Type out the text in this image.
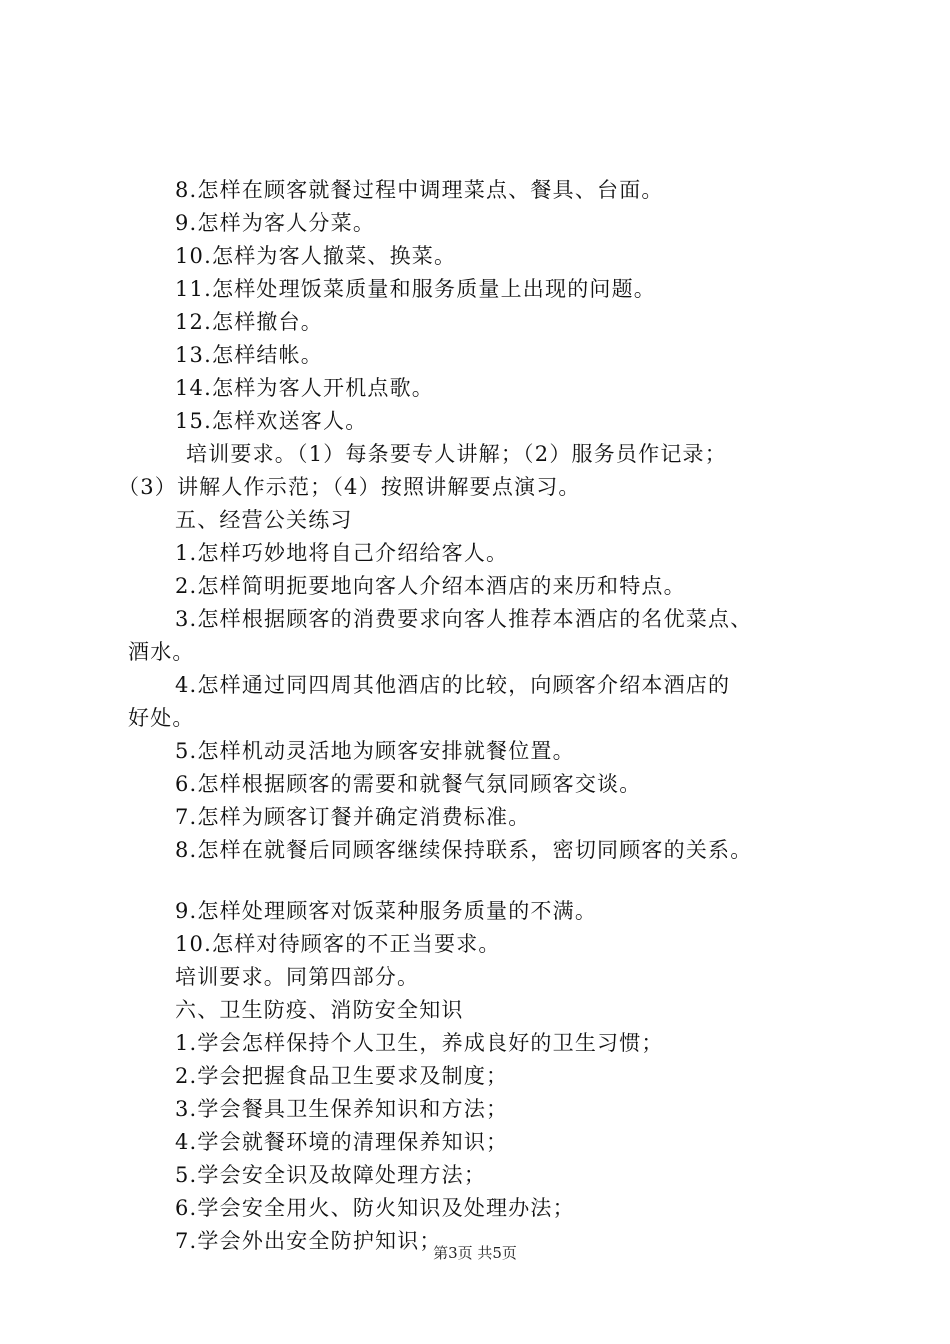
8.怎样在顾客就餐过程中调理菜点、餐具、台面。
9.怎样为客人分菜。
10.怎样为客人撤菜、换菜。
11.怎样处理饭菜质量和服务质量上出现的问题。
12.怎样撤台。
13.怎样结帐。
14.怎样为客人开机点歌。
15.怎样欢送客人。
培训要求。（1）每条要专人讲解；（2）服务员作记录；
（3）讲解人作示范；（4）按照讲解要点演习。
五、经营公关练习
1.怎样巧妙地将自己介绍给客人。
2.怎样简明扼要地向客人介绍本酒店的来历和特点。
3.怎样根据顾客的消费要求向客人推荐本酒店的名优菜点、
酒水。
4.怎样通过同四周其他酒店的比较，向顾客介绍本酒店的
好处。
5.怎样机动灵活地为顾客安排就餐位置。
6.怎样根据顾客的需要和就餐气氛同顾客交谈。
7.怎样为顾客订餐并确定消费标准。
8.怎样在就餐后同顾客继续保持联系，密切同顾客的关系。
9.怎样处理顾客对饭菜种服务质量的不满。
10.怎样对待顾客的不正当要求。
培训要求。同第四部分。
六、卫生防疫、消防安全知识
1.学会怎样保持个人卫生，养成良好的卫生习惯；
2.学会把握食品卫生要求及制度；
3.学会餐具卫生保养知识和方法；
4.学会就餐环境的清理保养知识；
5.学会安全识及故障处理方法；
6.学会安全用火、防火知识及处理办法；
7.学会外出安全防护知识；
第3页 共5页
